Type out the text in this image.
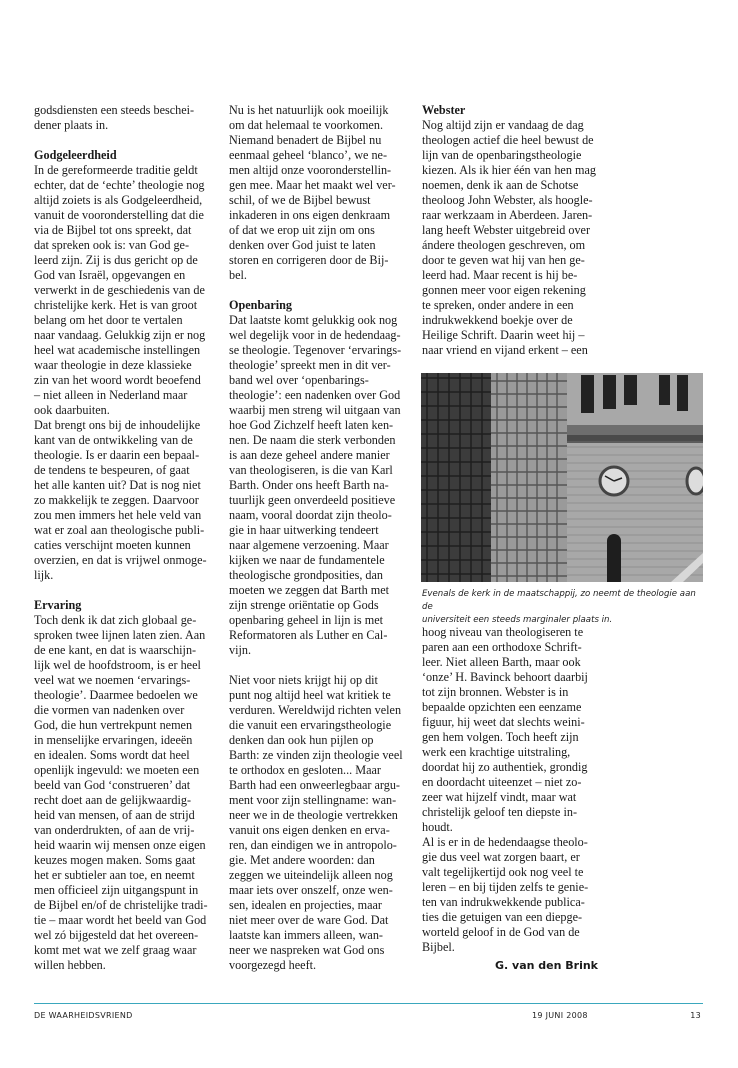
godsdiensten een steeds beschei-
dener plaats in.
Godgeleerdheid
In de gereformeerde traditie geldt
echter, dat de ‘echte’ theologie nog
altijd zoiets is als Godgeleerdheid,
vanuit de vooronderstelling dat die
via de Bijbel tot ons spreekt, dat
dat spreken ook is: van God ge-
leerd zijn. Zij is dus gericht op de
God van Israël, opgevangen en
verwerkt in de geschiedenis van de
christelijke kerk. Het is van groot
belang om het door te vertalen
naar vandaag. Gelukkig zijn er nog
heel wat academische instellingen
waar theologie in deze klassieke
zin van het woord wordt beoefend
– niet alleen in Nederland maar
ook daarbuiten.
Dat brengt ons bij de inhoudelijke
kant van de ontwikkeling van de
theologie. Is er daarin een bepaal-
de tendens te bespeuren, of gaat
het alle kanten uit? Dat is nog niet
zo makkelijk te zeggen. Daarvoor
zou men immers het hele veld van
wat er zoal aan theologische publi-
caties verschijnt moeten kunnen
overzien, en dat is vrijwel onmoge-
lijk.
Ervaring
Toch denk ik dat zich globaal ge-
sproken twee lijnen laten zien. Aan
de ene kant, en dat is waarschijn-
lijk wel de hoofdstroom, is er heel
veel wat we noemen ‘ervarings-
theologie’. Daarmee bedoelen we
die vormen van nadenken over
God, die hun vertrekpunt nemen
in menselijke ervaringen, ideeën
en idealen. Soms wordt dat heel
openlijk ingevuld: we moeten een
beeld van God ‘construeren’ dat
recht doet aan de gelijkwaardig-
heid van mensen, of aan de strijd
van onderdrukten, of aan de vrij-
heid waarin wij mensen onze eigen
keuzes mogen maken. Soms gaat
het er subtieler aan toe, en neemt
men officieel zijn uitgangspunt in
de Bijbel en/of de christelijke tradi-
tie – maar wordt het beeld van God
wel zó bijgesteld dat het overeen-
komt met wat we zelf graag waar
willen hebben.
Nu is het natuurlijk ook moeilijk
om dat helemaal te voorkomen.
Niemand benadert de Bijbel nu
eenmaal geheel ‘blanco’, we ne-
men altijd onze vooronderstellin-
gen mee. Maar het maakt wel ver-
schil, of we de Bijbel bewust
inkaderen in ons eigen denkraam
of dat we erop uit zijn om ons
denken over God juist te laten
storen en corrigeren door de Bij-
bel.
Openbaring
Dat laatste komt gelukkig ook nog
wel degelijk voor in de hedendaag-
se theologie. Tegenover ‘ervarings-
theologie’ spreekt men in dit ver-
band wel over ‘openbarings-
theologie’: een nadenken over God
waarbij men streng wil uitgaan van
hoe God Zichzelf heeft laten ken-
nen. De naam die sterk verbonden
is aan deze geheel andere manier
van theologiseren, is die van Karl
Barth. Onder ons heeft Barth na-
tuurlijk geen onverdeeld positieve
naam, vooral doordat zijn theolo-
gie in haar uitwerking tendeert
naar algemene verzoening. Maar
kijken we naar de fundamentele
theologische grondposities, dan
moeten we zeggen dat Barth met
zijn strenge oriëntatie op Gods
openbaring geheel in lijn is met
Reformatoren als Luther en Cal-
vijn.
Niet voor niets krijgt hij op dit
punt nog altijd heel wat kritiek te
verduren. Wereldwijd richten velen
die vanuit een ervaringstheologie
denken dan ook hun pijlen op
Barth: ze vinden zijn theologie veel
te orthodox en gesloten... Maar
Barth had een onweerlegbaar argu-
ment voor zijn stellingname: wan-
neer we in de theologie vertrekken
vanuit ons eigen denken en erva-
ren, dan eindigen we in antropolo-
gie. Met andere woorden: dan
zeggen we uiteindelijk alleen nog
maar iets over onszelf, onze wen-
sen, idealen en projecties, maar
niet meer over de ware God. Dat
laatste kan immers alleen, wan-
neer we naspreken wat God ons
voorgezegd heeft.
Webster
Nog altijd zijn er vandaag de dag
theologen actief die heel bewust de
lijn van de openbaringstheologie
kiezen. Als ik hier één van hen mag
noemen, denk ik aan de Schotse
theoloog John Webster, als hoogle-
raar werkzaam in Aberdeen. Jaren-
lang heeft Webster uitgebreid over
ándere theologen geschreven, om
door te geven wat hij van hen ge-
leerd had. Maar recent is hij be-
gonnen meer voor eigen rekening
te spreken, onder andere in een
indrukwekkend boekje over de
Heilige Schrift. Daarin weet hij –
naar vriend en vijand erkent – een
Evenals de kerk in de maatschappij, zo neemt de theologie aan de
universiteit een steeds marginaler plaats in.
hoog niveau van theologiseren te
paren aan een orthodoxe Schrift-
leer. Niet alleen Barth, maar ook
‘onze’ H. Bavinck behoort daarbij
tot zijn bronnen. Webster is in
bepaalde opzichten een eenzame
figuur, hij weet dat slechts weini-
gen hem volgen. Toch heeft zijn
werk een krachtige uitstraling,
doordat hij zo authentiek, grondig
en doordacht uiteenzet – niet zo-
zeer wat hijzelf vindt, maar wat
christelijk geloof ten diepste in-
houdt.
Al is er in de hedendaagse theolo-
gie dus veel wat zorgen baart, er
valt tegelijkertijd ook nog veel te
leren – en bij tijden zelfs te genie-
ten van indrukwekkende publica-
ties die getuigen van een diepge-
worteld geloof in de God van de
Bijbel.
G. van den Brink
DE WAARHEIDSVRIEND	19 JUNI 2008	13
